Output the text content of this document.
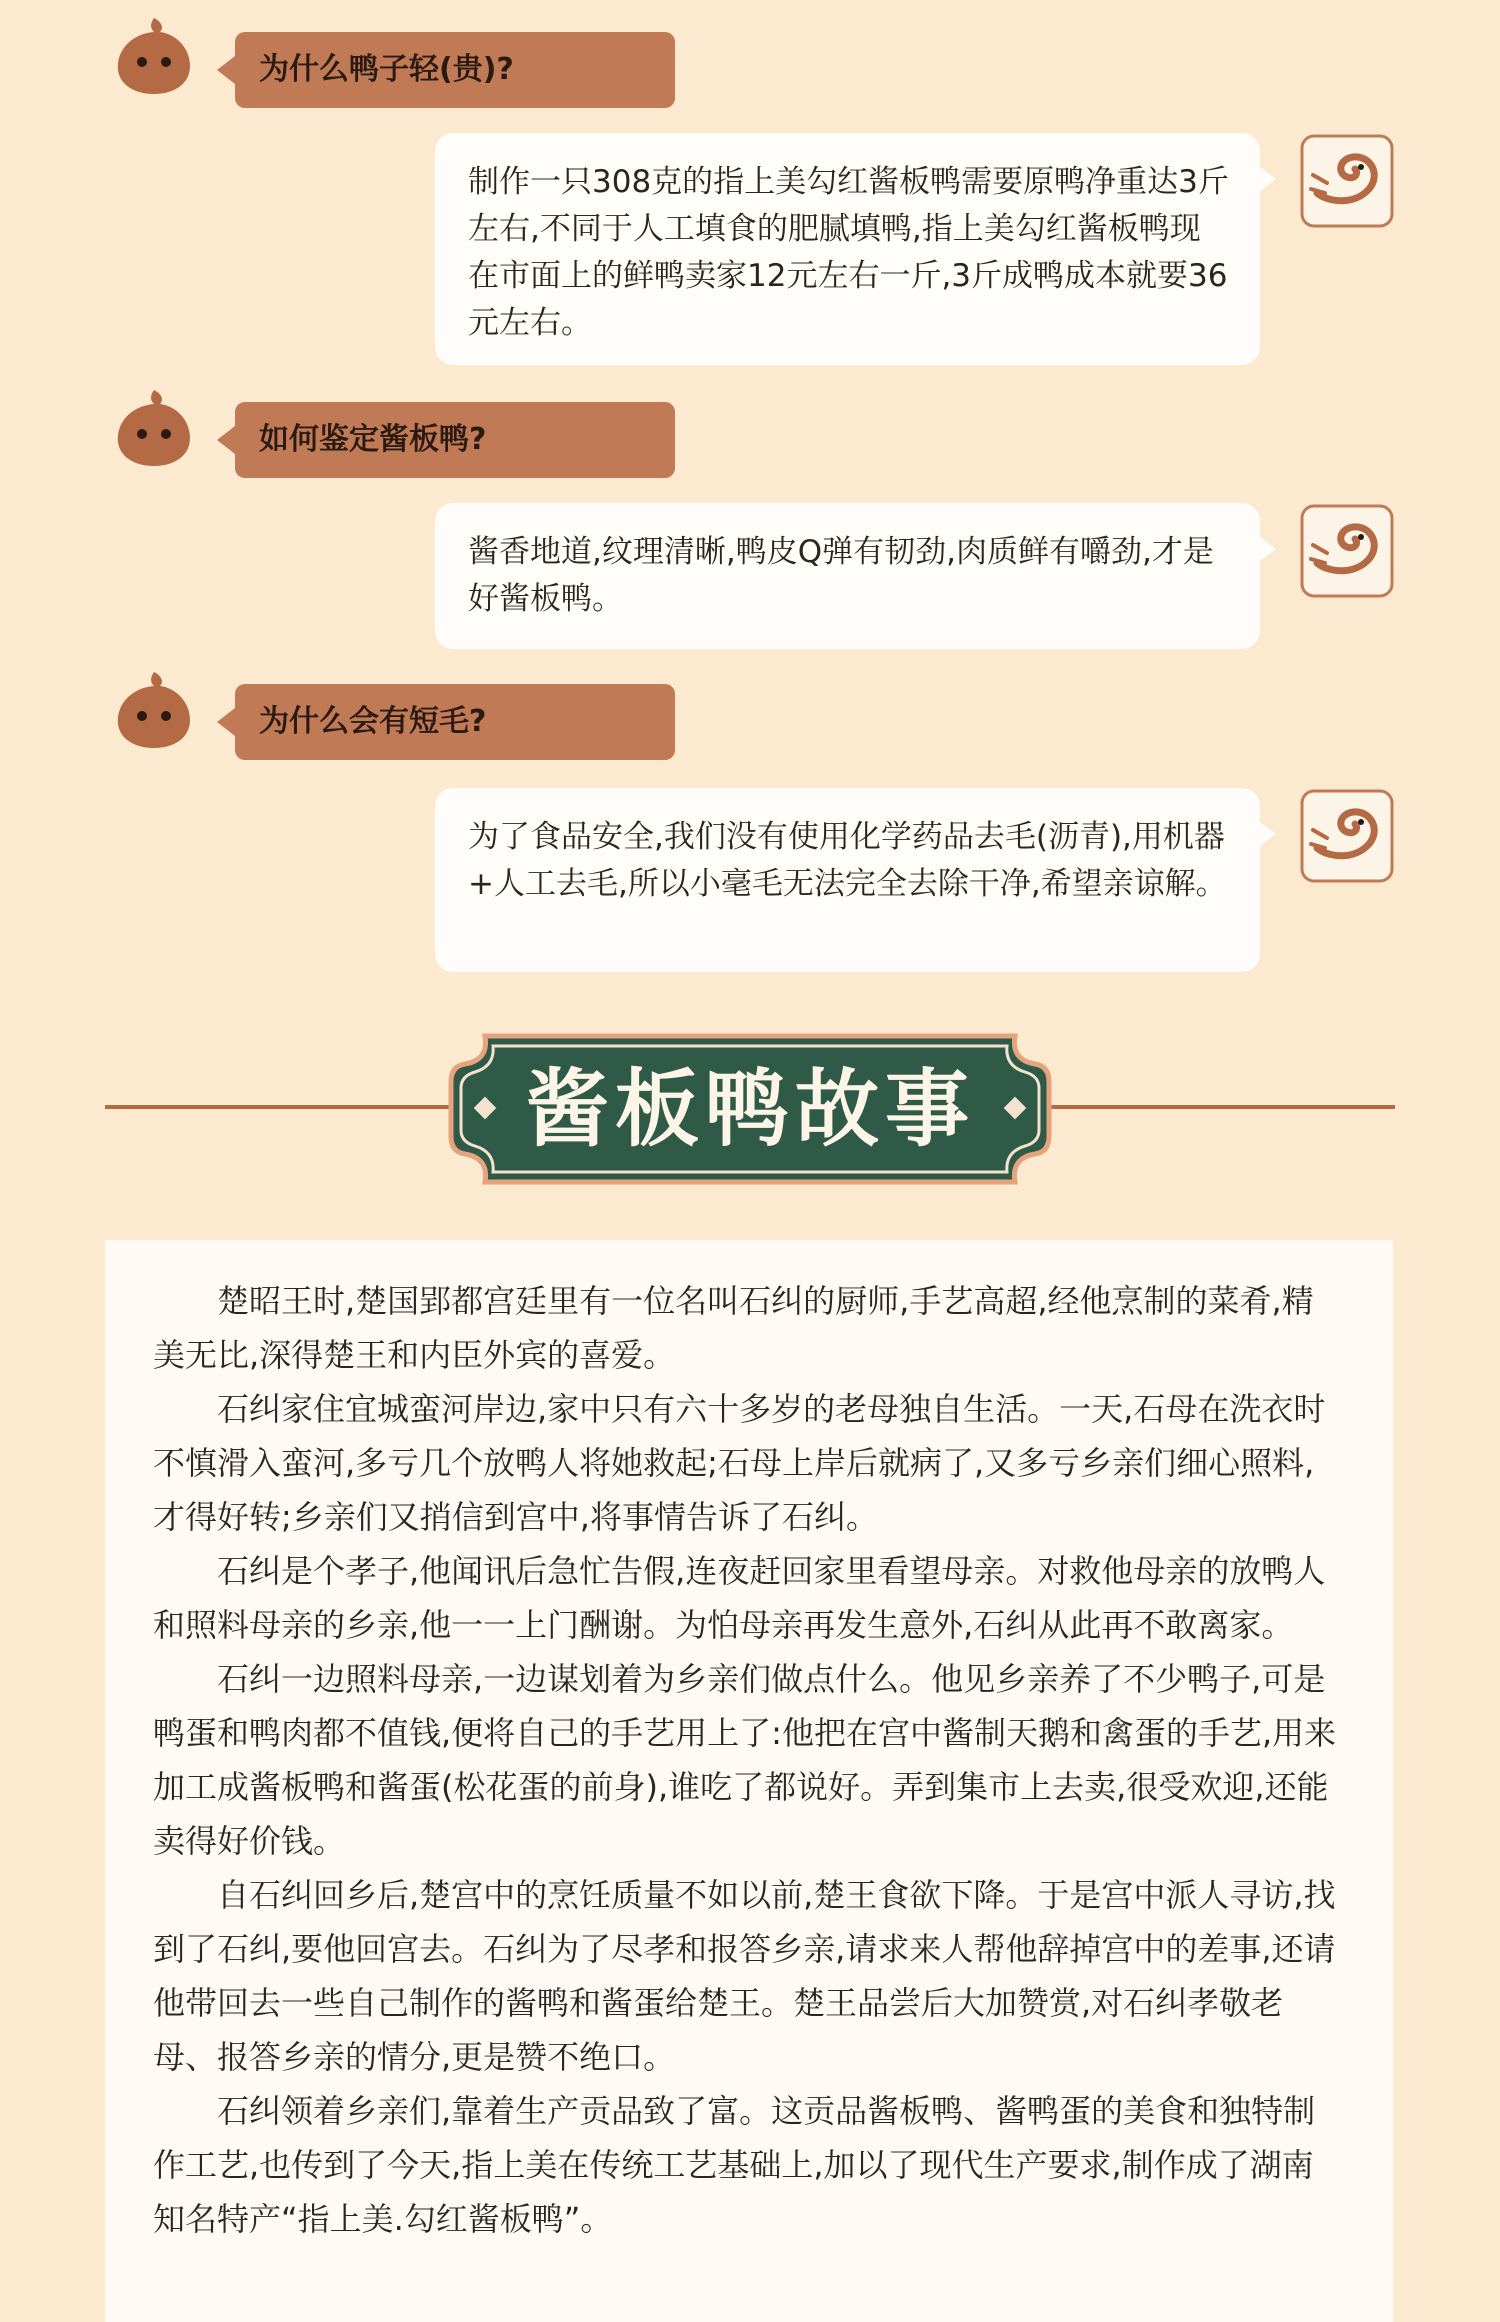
为什么鸭子轻(贵)?
制作一只308克的指上美勾红酱板鸭需要原鸭净重达3斤左右,不同于人工填食的肥腻填鸭,指上美勾红酱板鸭现在市面上的鲜鸭卖家12元左右一斤,3斤成鸭成本就要36元左右。
如何鉴定酱板鸭?
酱香地道,纹理清晰,鸭皮Q弹有韧劲,肉质鲜有嚼劲,才是好酱板鸭。
为什么会有短毛?
为了食品安全,我们没有使用化学药品去毛(沥青),用机器+人工去毛,所以小毫毛无法完全去除干净,希望亲谅解。
酱板鸭故事

楚昭王时,楚国郢都宫廷里有一位名叫石纠的厨师,手艺高超,经他烹制的菜肴,精美无比,深得楚王和内臣外宾的喜爱。

石纠家住宜城蛮河岸边,家中只有六十多岁的老母独自生活。一天,石母在洗衣时不慎滑入蛮河,多亏几个放鸭人将她救起;石母上岸后就病了,又多亏乡亲们细心照料,才得好转;乡亲们又捎信到宫中,将事情告诉了石纠。

石纠是个孝子,他闻讯后急忙告假,连夜赶回家里看望母亲。对救他母亲的放鸭人和照料母亲的乡亲,他一一上门酬谢。为怕母亲再发生意外,石纠从此再不敢离家。

石纠一边照料母亲,一边谋划着为乡亲们做点什么。他见乡亲养了不少鸭子,可是鸭蛋和鸭肉都不值钱,便将自己的手艺用上了:他把在宫中酱制天鹅和禽蛋的手艺,用来加工成酱板鸭和酱蛋(松花蛋的前身),谁吃了都说好。弄到集市上去卖,很受欢迎,还能卖得好价钱。

自石纠回乡后,楚宫中的烹饪质量不如以前,楚王食欲下降。于是宫中派人寻访,找到了石纠,要他回宫去。石纠为了尽孝和报答乡亲,请求来人帮他辞掉宫中的差事,还请他带回去一些自己制作的酱鸭和酱蛋给楚王。楚王品尝后大加赞赏,对石纠孝敬老母、报答乡亲的情分,更是赞不绝口。

石纠领着乡亲们,靠着生产贡品致了富。这贡品酱板鸭、酱鸭蛋的美食和独特制作工艺,也传到了今天,指上美在传统工艺基础上,加以了现代生产要求,制作成了湖南知名特产“指上美.勾红酱板鸭”。
